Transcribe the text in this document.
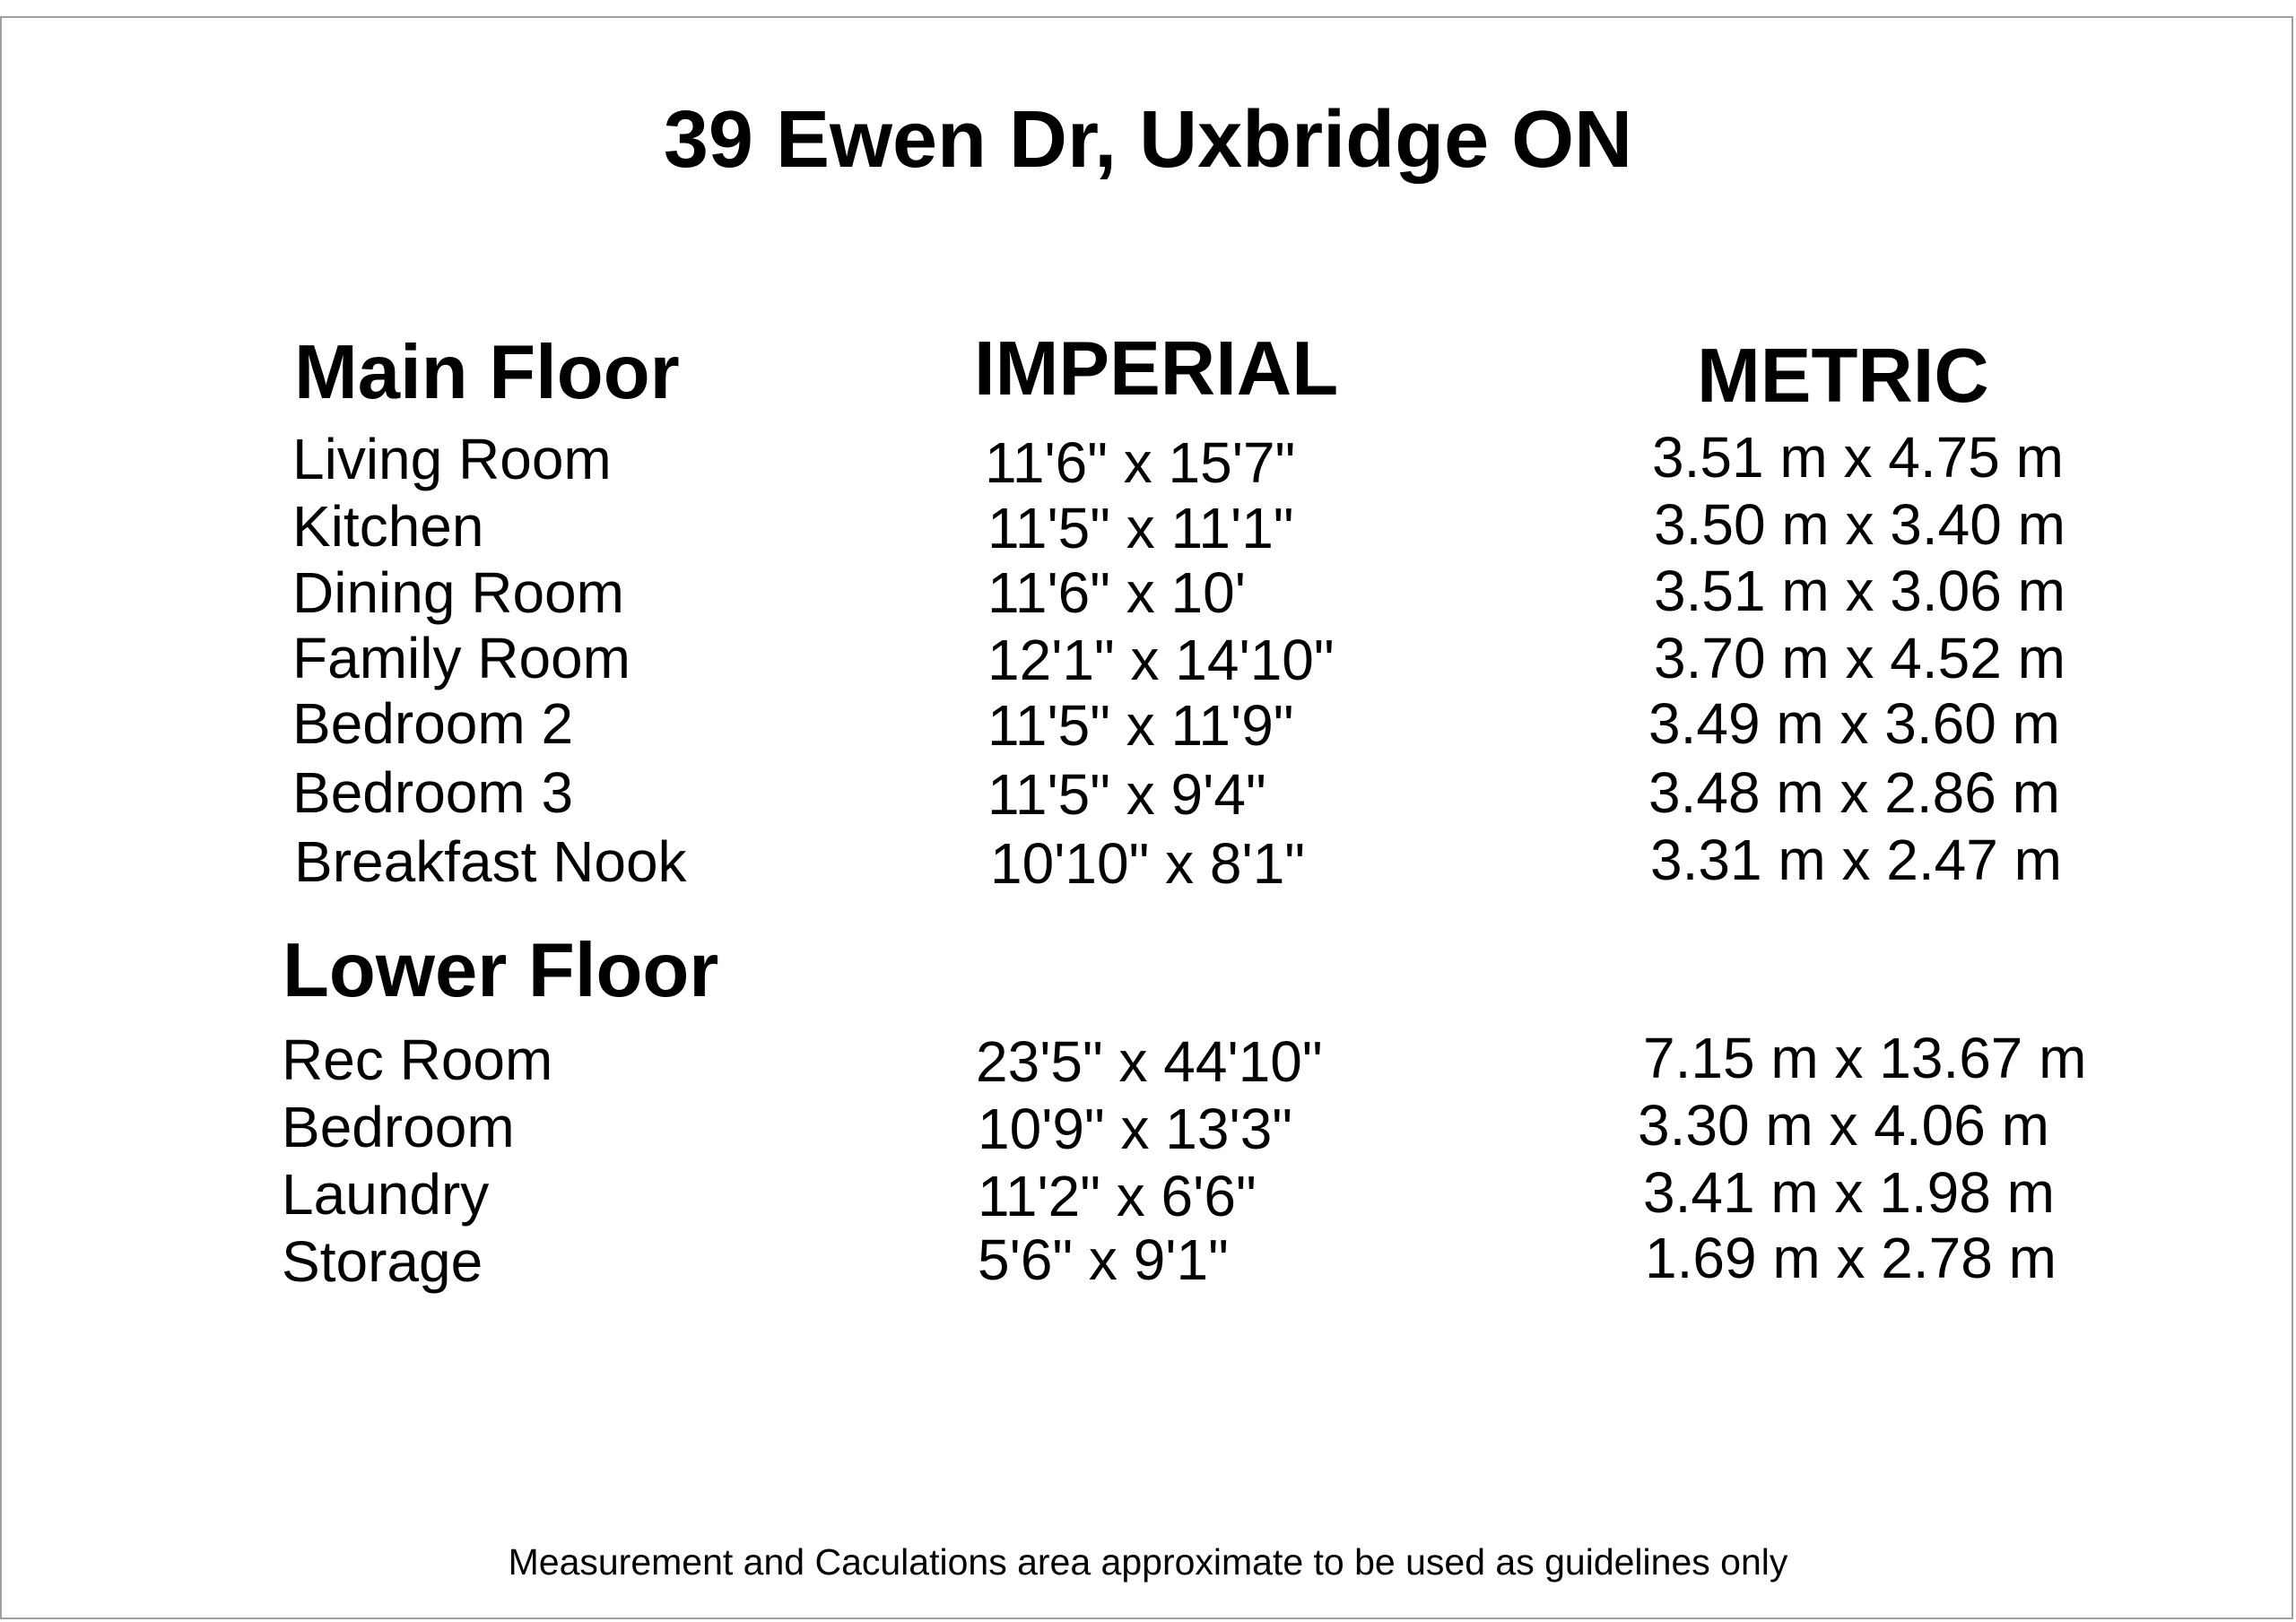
39 Ewen Dr, Uxbridge ON
Main Floor	IMPERIAL	METRIC
Living Room	11'6" x 15'7"	3.51 m x 4.75 m
Kitchen	11'5" x 11'1"	3.50 m x 3.40 m
Dining Room	11'6" x 10'	3.51 m x 3.06 m
Family Room	12'1" x 14'10"	3.70 m x 4.52 m
Bedroom 2	11'5" x 11'9"	3.49 m x 3.60 m
Bedroom 3	11'5" x 9'4"	3.48 m x 2.86 m
Breakfast Nook	10'10" x 8'1"	3.31 m x 2.47 m
Lower Floor
Rec Room	23'5" x 44'10"	7.15 m x 13.67 m
Bedroom	10'9" x 13'3"	3.30 m x 4.06 m
Laundry	11'2" x 6'6"	3.41 m x 1.98 m
Storage	5'6" x 9'1"	1.69 m x 2.78 m
Measurement and Caculations area approximate to be used as guidelines only
